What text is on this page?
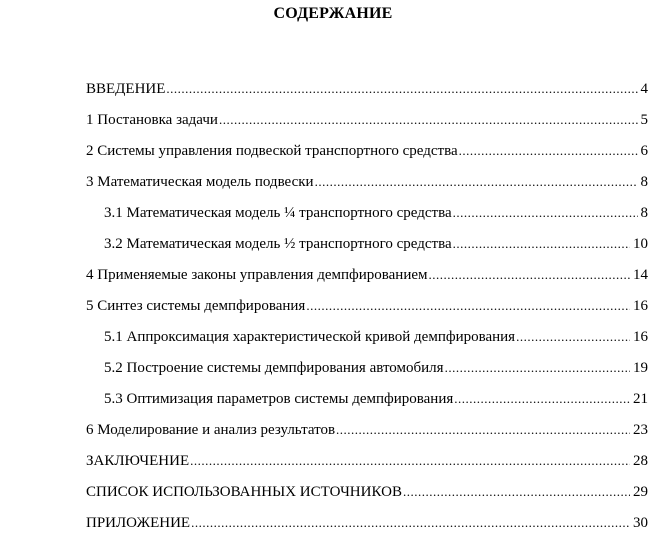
СОДЕРЖАНИЕ
ВВЕДЕНИЕ .....	4
1 Постановка задачи .....	5
2 Системы управления подвеской транспортного средства .....	6
3 Математическая модель подвески .....	8
3.1 Математическая модель ¼ транспортного средства .....	8
3.2 Математическая модель ½ транспортного средства .....	10
4 Применяемые законы управления демпфированием .....	14
5 Синтез системы демпфирования .....	16
5.1 Аппроксимация характеристической кривой демпфирования .....	16
5.2 Построение системы демпфирования автомобиля .....	19
5.3 Оптимизация параметров системы демпфирования .....	21
6 Моделирование и анализ результатов .....	23
ЗАКЛЮЧЕНИЕ .....	28
СПИСОК ИСПОЛЬЗОВАННЫХ ИСТОЧНИКОВ .....	29
ПРИЛОЖЕНИЕ .....	30
